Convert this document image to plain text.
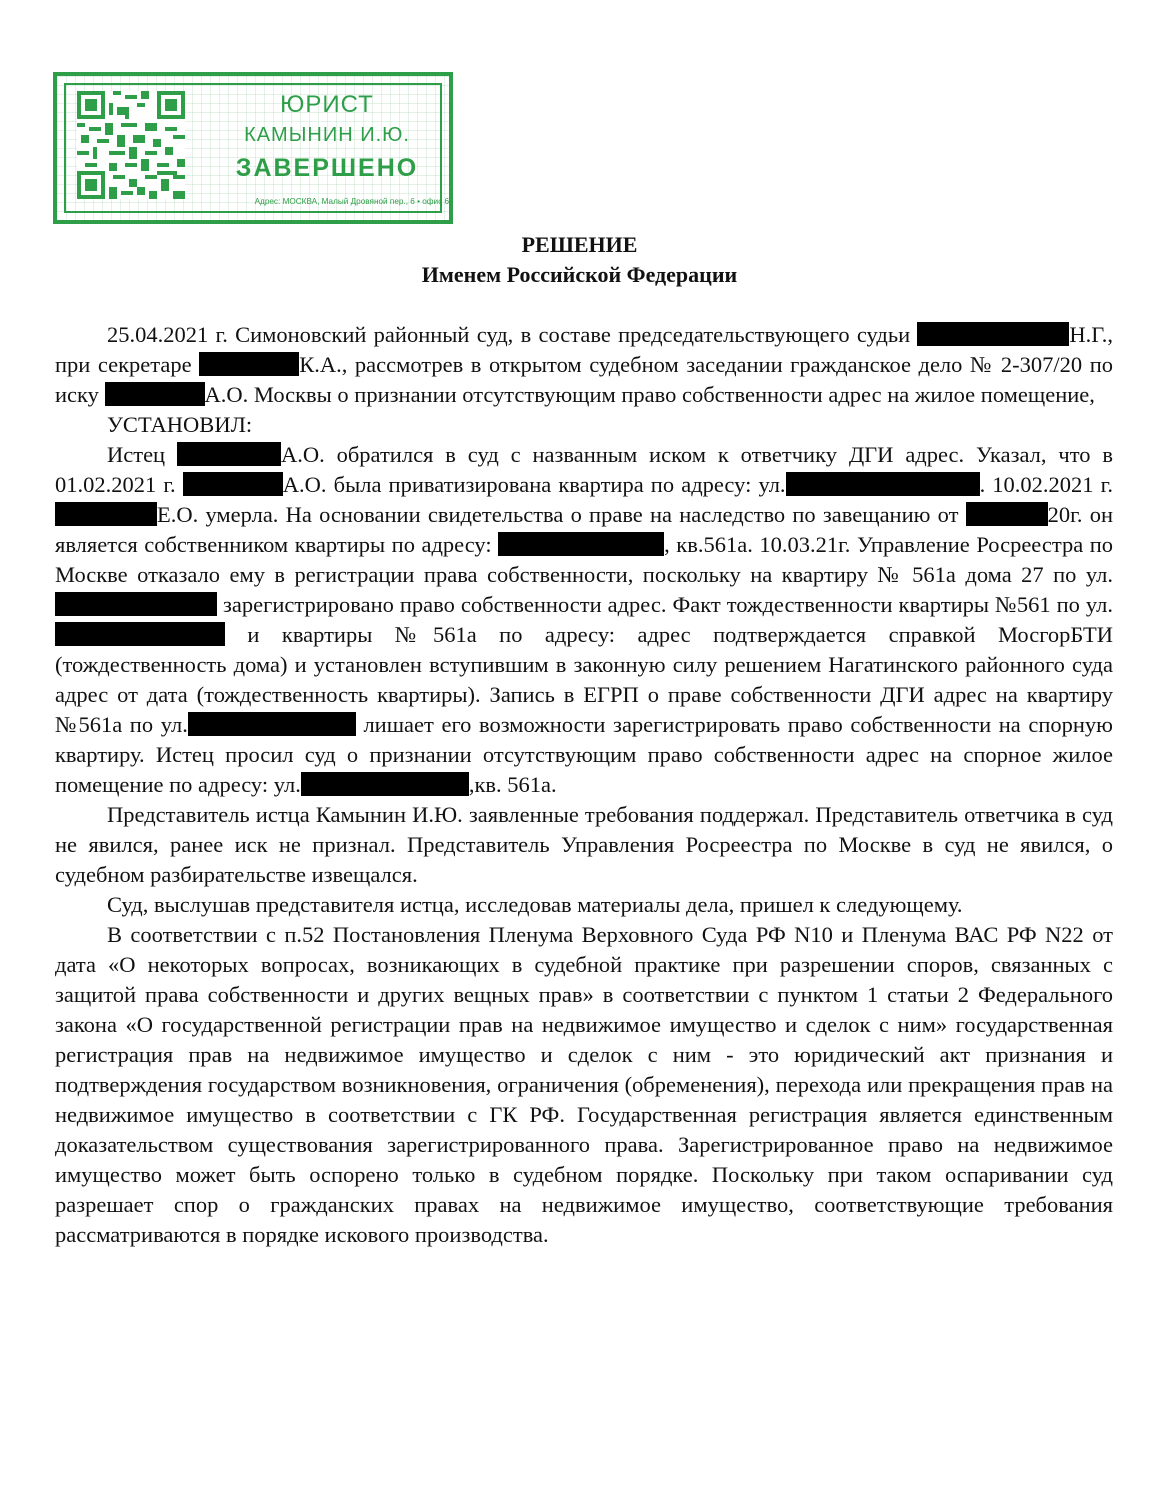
ЮРИСТ
КАМЫНИН И.Ю.
ЗАВЕРШЕНО
Адрес: МОСКВА, Малый Дровяной пер., 6 • офис 6
РЕШЕНИЕ
Именем Российской Федерации

25.04.2021 г. Симоновский районный суд, в составе председательствующего судьи	Н.Г., при секретаре	К.А., рассмотрев в открытом судебном заседании гражданское дело № 2-307/20 по иску	А.О. Москвы о признании отсутствующим право собственности адрес на жилое помещение,

УСТАНОВИЛ:

Истец	А.О. обратился в суд с названным иском к ответчику ДГИ адрес. Указал, что в 01.02.2021 г.	А.О. была приватизирована квартира по адресу: ул.	. 10.02.2021 г. Е.О. умерла. На основании свидетельства о праве на наследство по завещанию от	20г. он является собственником квартиры по адресу:	, кв.561а. 10.03.21г. Управление Росреестра по Москве отказало ему в регистрации права собственности, поскольку на квартиру № 561а дома 27 по ул. зарегистрировано право собственности адрес. Факт тождественности квартиры №561 по ул. и квартиры №561а по адресу: адрес подтверждается справкой МосгорБТИ (тождественность дома) и установлен вступившим в законную силу решением Нагатинского районного суда адрес от дата (тождественность квартиры). Запись в ЕГРП о праве собственности ДГИ адрес на квартиру №561а по ул.	лишает его возможности зарегистрировать право собственности на спорную квартиру. Истец просил суд о признании отсутствующим право собственности адрес на спорное жилое помещение по адресу: ул.	,кв. 561а.

Представитель истца Камынин И.Ю. заявленные требования поддержал. Представитель ответчика в суд не явился, ранее иск не признал. Представитель Управления Росреестра по Москве в суд не явился, о судебном разбирательстве извещался.

Суд, выслушав представителя истца, исследовав материалы дела, пришел к следующему.

В соответствии с п.52 Постановления Пленума Верховного Суда РФ N10 и Пленума ВАС РФ N22 от дата «О некоторых вопросах, возникающих в судебной практике при разрешении споров, связанных с защитой права собственности и других вещных прав» в соответствии с пунктом 1 статьи 2 Федерального закона «О государственной регистрации прав на недвижимое имущество и сделок с ним» государственная регистрация прав на недвижимое имущество и сделок с ним - это юридический акт признания и подтверждения государством возникновения, ограничения (обременения), перехода или прекращения прав на недвижимое имущество в соответствии с ГК РФ. Государственная регистрация является единственным доказательством существования зарегистрированного права. Зарегистрированное право на недвижимое имущество может быть оспорено только в судебном порядке. Поскольку при таком оспаривании суд разрешает спор о гражданских правах на недвижимое имущество, соответствующие требования рассматриваются в порядке искового производства.
